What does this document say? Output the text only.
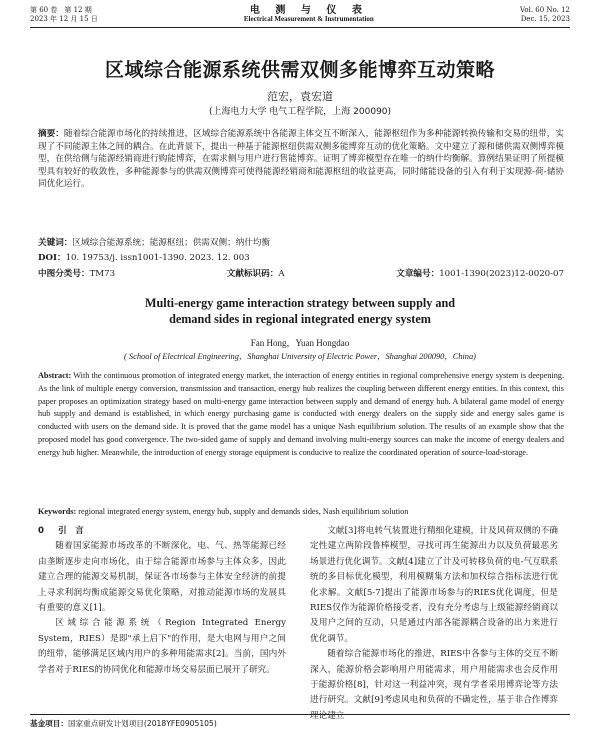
第 60 卷　第 12 期
2023 年 12 月 15 日
电 测 与 仪 表
Electrical Measurement & Instrumentation
Vol. 60 No. 12
Dec. 15, 2023
区域综合能源系统供需双侧多能博弈互动策略
范宏，袁宏道
(上海电力大学 电气工程学院，上海 200090)
摘要：随着综合能源市场化的持续推进，区域综合能源系统中各能源主体交互不断深入，能源枢纽作为多种能源转换传输和交易的纽带，实现了不同能源主体之间的耦合。在此背景下，提出一种基于能源枢纽供需双侧多能博弈互动的优化策略。文中建立了源和储供需双侧博弈模型，在供给侧与能源经销商进行购能博弈，在需求侧与用户进行售能博弈。证明了博弈模型存在唯一的纳什均衡解。算例结果证明了所提模型具有较好的收敛性，多种能源参与的供需双侧博弈可使得能源经销商和能源枢纽的收益更高，同时储能设备的引入有利于实现源-荷-储协同优化运行。
关键词：区域综合能源系统；能源枢纽；供需双侧；纳什均衡
DOI：10. 19753/j. issn1001-1390. 2023. 12. 003
中图分类号：TM73	文献标识码：A	文章编号：1001-1390(2023)12-0020-07
Multi-energy game interaction strategy between supply and
demand sides in regional integrated energy system
Fan Hong，Yuan Hongdao
( School of Electrical Engineering，Shanghai University of Electric Power，Shanghai 200090，China)
Abstract: With the continuous promotion of integrated energy market, the interaction of energy entities in regional comprehensive energy system is deepening. As the link of multiple energy conversion, transmission and transaction, energy hub realizes the coupling between different energy entities. In this context, this paper proposes an optimization strategy based on multi-energy game interaction between supply and demand of energy hub. A bilateral game model of energy hub supply and demand is established, in which energy purchasing game is conducted with energy dealers on the supply side and energy sales game is conducted with users on the demand side. It is proved that the game model has a unique Nash equilibrium solution. The results of an example show that the proposed model has good convergence. The two-sided game of supply and demand involving multi-energy sources can make the income of energy dealers and energy hub higher. Meanwhile, the introduction of energy storage equipment is conducive to realize the coordinated operation of source-load-storage.
Keywords: regional integrated energy system, energy hub, supply and demands sides, Nash equilibrium solution

0 引　言

随着国家能源市场改革的不断深化，电、气、热等能源已经由垄断逐步走向市场化，由于综合能源市场参与主体众多，因此建立合理的能源交易机制，保证各市场参与主体安全经济的前提上寻求利润均衡成能源交易优化策略，对推动能源市场的发展具有重要的意义[1]。

区域综合能源系统（Region Integrated Energy System，RIES）是即"承上启下"的作用，是大电网与用户之间的纽带，能够满足区域内用户的多种用能需求[2]。当前，国内外学者对于RIES的协同优化和能源市场交易层面已展开了研究。

文献[3]将电转气装置进行精细化建模，计及风荷双侧的不确定性建立两阶段鲁棒模型，寻找可再生能源出力以及负荷最恶劣场景进行优化调节。文献[4]建立了计及可转移负荷的电-气互联系统的多目标优化模型，利用模糊集方法和加权综合指标法进行优化求解。文献[5-7]提出了能源市场参与的RIES优化调度，但是RIES仅作为能源价格接受者，没有充分考虑与上级能源经销商以及用户之间的互动，只是通过内部各能源耦合设备的出力来进行优化调节。

随着综合能源市场化的推进，RIES中各参与主体的交互不断深入，能源价格会影响用户用能需求，用户用能需求也会反作用于能源价格[8]，针对这一利益冲突，现有学者采用博弈论等方法进行研究。文献[9]考虑风电和负荷的不确定性，基于非合作博弈理论建立

基金项目：国家重点研发计划项目(2018YFE0905105)
